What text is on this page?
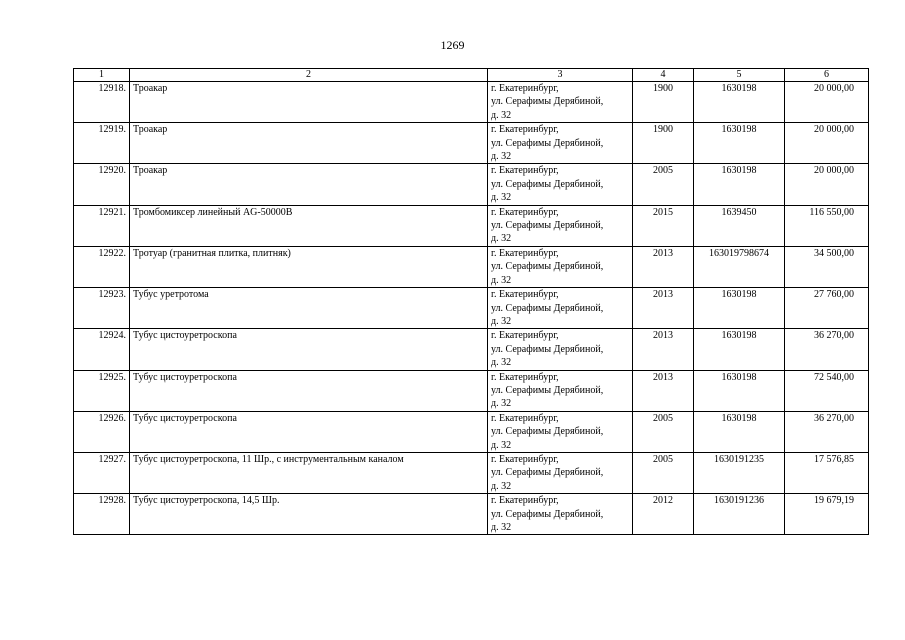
1269
1	2	3	4	5	6
12918.	Троакар	г. Екатеринбург,
ул. Серафимы Дерябиной,
д. 32	1900	1630198	20 000,00
12919.	Троакар	г. Екатеринбург,
ул. Серафимы Дерябиной,
д. 32	1900	1630198	20 000,00
12920.	Троакар	г. Екатеринбург,
ул. Серафимы Дерябиной,
д. 32	2005	1630198	20 000,00
12921.	Тромбомиксер линейный AG-50000В	г. Екатеринбург,
ул. Серафимы Дерябиной,
д. 32	2015	1639450	116 550,00
12922.	Тротуар (гранитная плитка, плитняк)	г. Екатеринбург,
ул. Серафимы Дерябиной,
д. 32	2013	163019798674	34 500,00
12923.	Тубус уретротома	г. Екатеринбург,
ул. Серафимы Дерябиной,
д. 32	2013	1630198	27 760,00
12924.	Тубус цистоуретроскопа	г. Екатеринбург,
ул. Серафимы Дерябиной,
д. 32	2013	1630198	36 270,00
12925.	Тубус цистоуретроскопа	г. Екатеринбург,
ул. Серафимы Дерябиной,
д. 32	2013	1630198	72 540,00
12926.	Тубус цистоуретроскопа	г. Екатеринбург,
ул. Серафимы Дерябиной,
д. 32	2005	1630198	36 270,00
12927.	Тубус цистоуретроскопа, 11 Шр., с инструментальным каналом	г. Екатеринбург,
ул. Серафимы Дерябиной,
д. 32	2005	1630191235	17 576,85
12928.	Тубус цистоуретроскопа, 14,5 Шр.	г. Екатеринбург,
ул. Серафимы Дерябиной,
д. 32	2012	1630191236	19 679,19
